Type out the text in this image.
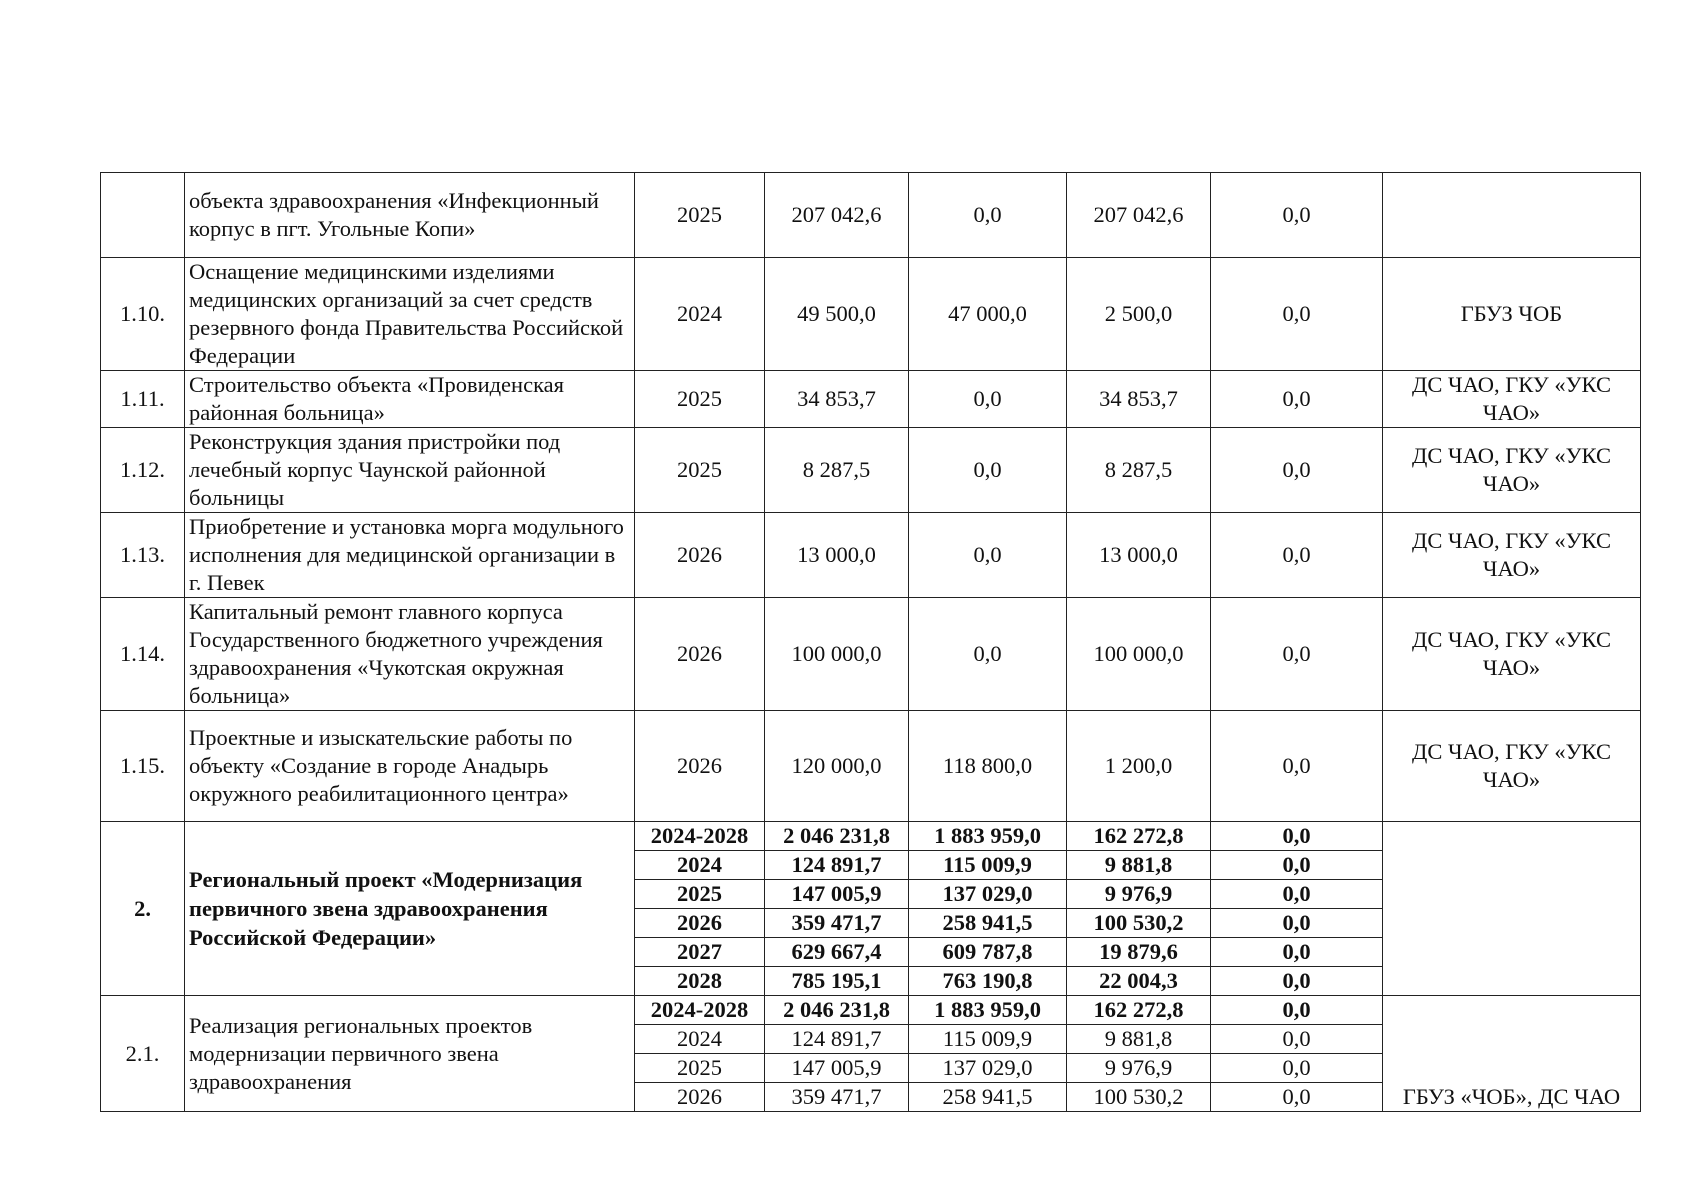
	объекта здравоохранения «Инфекционный корпус в пгт. Угольные Копи»	2025	207 042,6	0,0	207 042,6	0,0	
1.10.	Оснащение медицинскими изделиями медицинских организаций за счет средств резервного фонда Правительства Российской Федерации	2024	49 500,0	47 000,0	2 500,0	0,0	ГБУЗ ЧОБ
1.11.	Строительство объекта «Провиденская районная больница»	2025	34 853,7	0,0	34 853,7	0,0	ДС ЧАО, ГКУ «УКС ЧАО»
1.12.	Реконструкция здания пристройки под лечебный корпус Чаунской районной больницы	2025	8 287,5	0,0	8 287,5	0,0	ДС ЧАО, ГКУ «УКС ЧАО»
1.13.	Приобретение и установка морга модульного исполнения для медицинской организации в г. Певек	2026	13 000,0	0,0	13 000,0	0,0	ДС ЧАО, ГКУ «УКС ЧАО»
1.14.	Капитальный ремонт главного корпуса Государственного бюджетного учреждения здравоохранения «Чукотская окружная больница»	2026	100 000,0	0,0	100 000,0	0,0	ДС ЧАО, ГКУ «УКС ЧАО»
1.15.	Проектные и изыскательские работы по объекту «Создание в городе Анадырь окружного реабилитационного центра»	2026	120 000,0	118 800,0	1 200,0	0,0	ДС ЧАО, ГКУ «УКС ЧАО»
2.	Региональный проект «Модернизация первичного звена здравоохранения Российской Федерации»	2024-2028	2 046 231,8	1 883 959,0	162 272,8	0,0	
		2024	124 891,7	115 009,9	9 881,8	0,0	
		2025	147 005,9	137 029,0	9 976,9	0,0	
		2026	359 471,7	258 941,5	100 530,2	0,0	
		2027	629 667,4	609 787,8	19 879,6	0,0	
		2028	785 195,1	763 190,8	22 004,3	0,0	
2.1.	Реализация региональных проектов модернизации первичного звена здравоохранения	2024-2028	2 046 231,8	1 883 959,0	162 272,8	0,0	ГБУЗ «ЧОБ», ДС ЧАО
		2024	124 891,7	115 009,9	9 881,8	0,0	
		2025	147 005,9	137 029,0	9 976,9	0,0	
		2026	359 471,7	258 941,5	100 530,2	0,0	
